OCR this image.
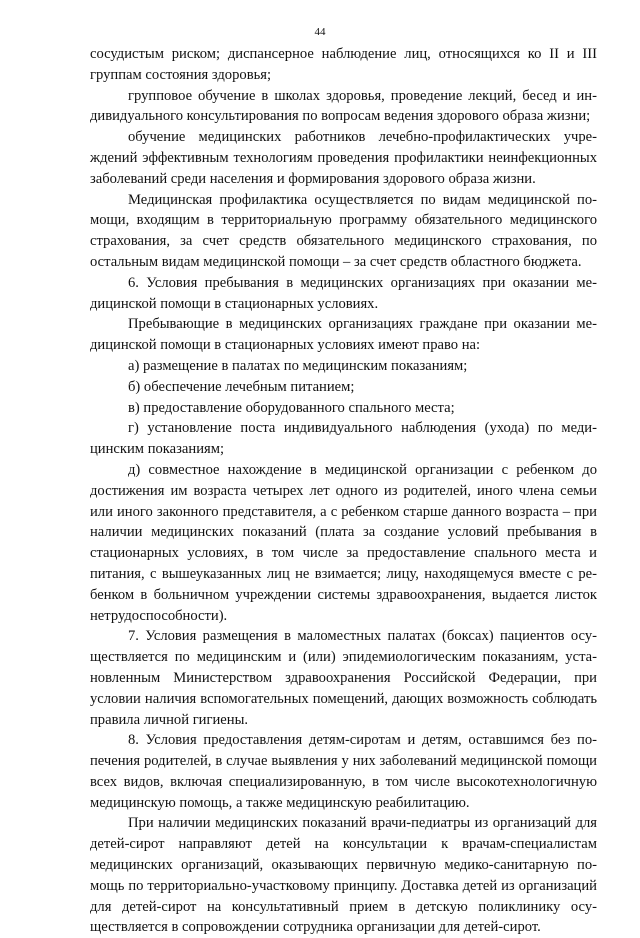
44

сосудистым риском; диспансерное наблюдение лиц, относящихся ко II и III группам состояния здоровья;

групповое обучение в школах здоровья, проведение лекций, бесед и индивидуального консультирования по вопросам ведения здорового образа жизни;

обучение медицинских работников лечебно-профилактических учреждений эффективным технологиям проведения профилактики неинфекционных заболеваний среди населения и формирования здорового образа жизни.

Медицинская профилактика осуществляется по видам медицинской помощи, входящим в территориальную программу обязательного медицинского страхования, за счет средств обязательного медицинского страхования, по остальным видам медицинской помощи – за счет средств областного бюджета.

6. Условия пребывания в медицинских организациях при оказании медицинской помощи в стационарных условиях.

Пребывающие в медицинских организациях граждане при оказании медицинской помощи в стационарных условиях имеют право на:

а) размещение в палатах по медицинским показаниям;

б) обеспечение лечебным питанием;

в) предоставление оборудованного спального места;

г) установление поста индивидуального наблюдения (ухода) по медицинским показаниям;

д) совместное нахождение в медицинской организации с ребенком до достижения им возраста четырех лет одного из родителей, иного члена семьи или иного законного представителя, а с ребенком старше данного возраста – при наличии медицинских показаний (плата за создание условий пребывания в стационарных условиях, в том числе за предоставление спального места и питания, с вышеуказанных лиц не взимается; лицу, находящемуся вместе с ребенком в больничном учреждении системы здравоохранения, выдается листок нетрудоспособности).

7. Условия размещения в маломестных палатах (боксах) пациентов осуществляется по медицинским и (или) эпидемиологическим показаниям, установленным Министерством здравоохранения Российской Федерации, при условии наличия вспомогательных помещений, дающих возможность соблюдать правила личной гигиены.

8. Условия предоставления детям-сиротам и детям, оставшимся без попечения родителей, в случае выявления у них заболеваний медицинской помощи всех видов, включая специализированную, в том числе высокотехнологичную медицинскую помощь, а также медицинскую реабилитацию.

При наличии медицинских показаний врачи-педиатры из организаций для детей-сирот направляют детей на консультации к врачам-специалистам медицинских организаций, оказывающих первичную медико-санитарную помощь по территориально-участковому принципу. Доставка детей из организаций для детей-сирот на консультативный прием в детскую поликлинику осуществляется в сопровождении сотрудника организации для детей-сирот.
